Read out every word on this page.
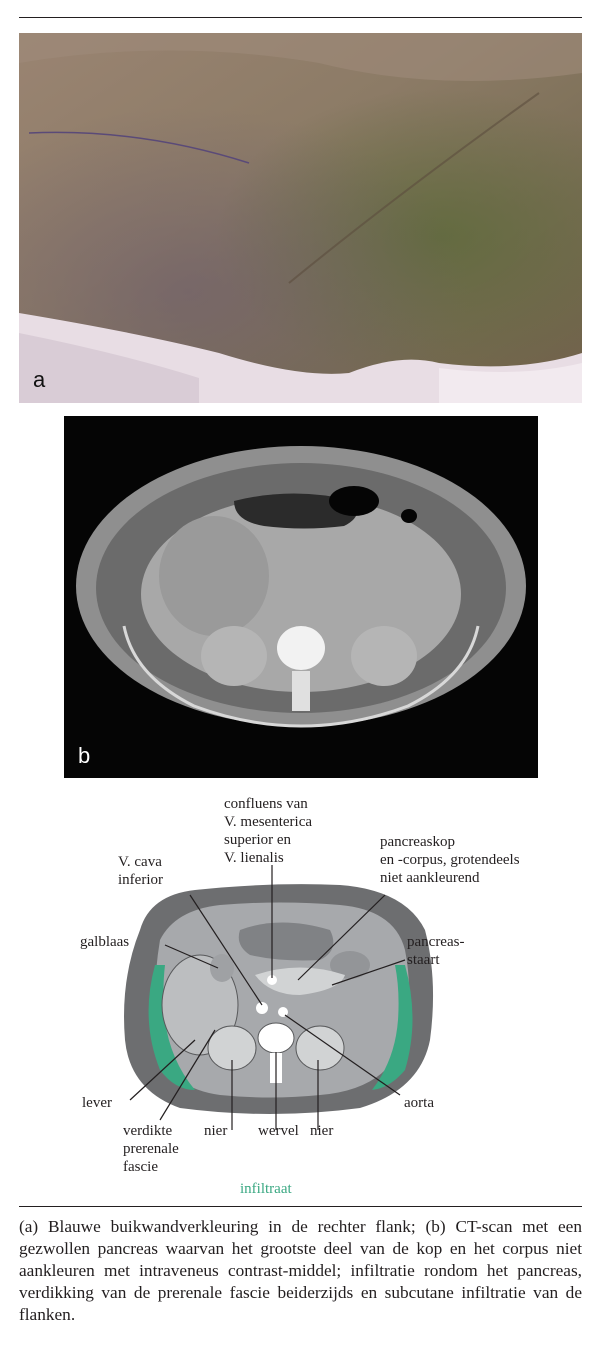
a
b
confluens van
V. mesenterica
superior en
V. lienalis
pancreaskop
en -corpus, grotendeels
niet aankleurend
V. cava
inferior
galblaas	pancreas-
staart
lever	aorta
verdikte
prerenale
fascie
nier wervel nier
infiltraat
(a) Blauwe buikwandverkleuring in de rechter flank; (b) CT-scan met een gezwollen pancreas waarvan het grootste deel van de kop en het corpus niet aankleuren met intraveneus contrast-middel; infiltratie rondom het pancreas, verdikking van de prerenale fascie beiderzijds en subcutane infiltratie van de flanken.
